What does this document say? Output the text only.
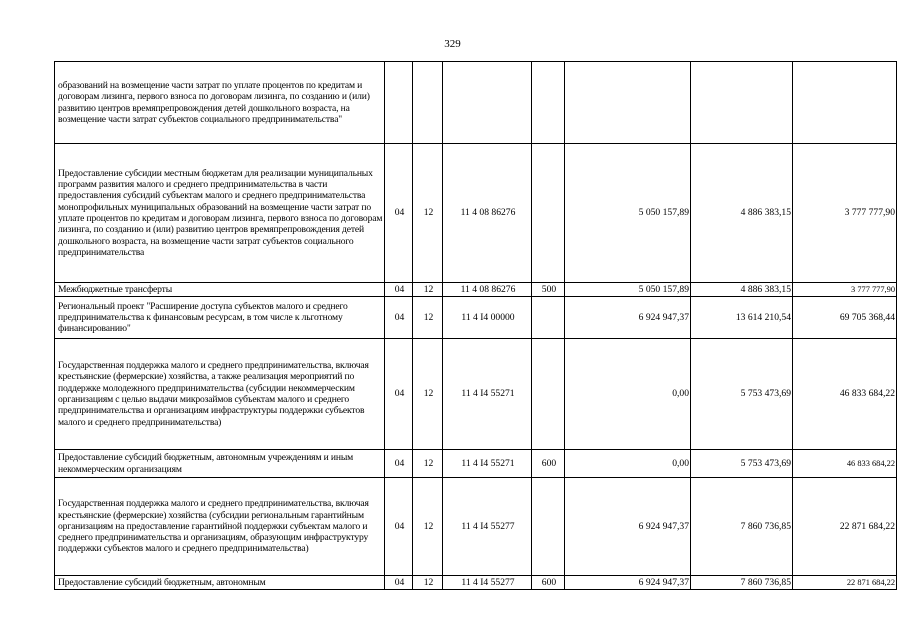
329
образований на возмещение части затрат по уплате процентов по кредитам и договорам лизинга, первого взноса по договорам лизинга, по созданию и (или) развитию центров времяпрепровождения детей дошкольного возраста, на возмещение части затрат субъектов социального предпринимательства"							
Предоставление субсидии местным бюджетам для реализации муниципальных программ развития малого и среднего предпринимательства в части предоставления субсидий субъектам малого и среднего предпринимательства монопрофильных муниципальных образований на возмещение части затрат по уплате процентов по кредитам и договорам лизинга, первого взноса по договорам лизинга, по созданию и (или) развитию центров времяпрепровождения детей дошкольного возраста, на возмещение части затрат субъектов социального предпринимательства	04	12	11 4 08 86276		5 050 157,89	4 886 383,15	3 777 777,90
Межбюджетные трансферты	04	12	11 4 08 86276	500	5 050 157,89	4 886 383,15	3 777 777,90
Региональный проект "Расширение доступа субъектов малого и среднего предпринимательства к финансовым ресурсам, в том числе к льготному финансированию"	04	12	11 4 I4 00000		6 924 947,37	13 614 210,54	69 705 368,44
Государственная поддержка малого и среднего предпринимательства, включая крестьянские (фермерские) хозяйства, а также реализация мероприятий по поддержке молодежного предпринимательства (субсидии некоммерческим организациям с целью выдачи микрозаймов субъектам малого и среднего предпринимательства и организациям инфраструктуры поддержки субъектов малого и среднего предпринимательства)	04	12	11 4 I4 55271		0,00	5 753 473,69	46 833 684,22
Предоставление субсидий бюджетным, автономным учреждениям и иным некоммерческим организациям	04	12	11 4 I4 55271	600	0,00	5 753 473,69	46 833 684,22
Государственная поддержка малого и среднего предпринимательства, включая крестьянские (фермерские) хозяйства (субсидии региональным гарантийным организациям на предоставление гарантийной поддержки субъектам малого и среднего предпринимательства и организациям, образующим инфраструктуру поддержки субъектов малого и среднего предпринимательства)	04	12	11 4 I4 55277		6 924 947,37	7 860 736,85	22 871 684,22
Предоставление субсидий бюджетным, автономным	04	12	11 4 I4 55277	600	6 924 947,37	7 860 736,85	22 871 684,22
